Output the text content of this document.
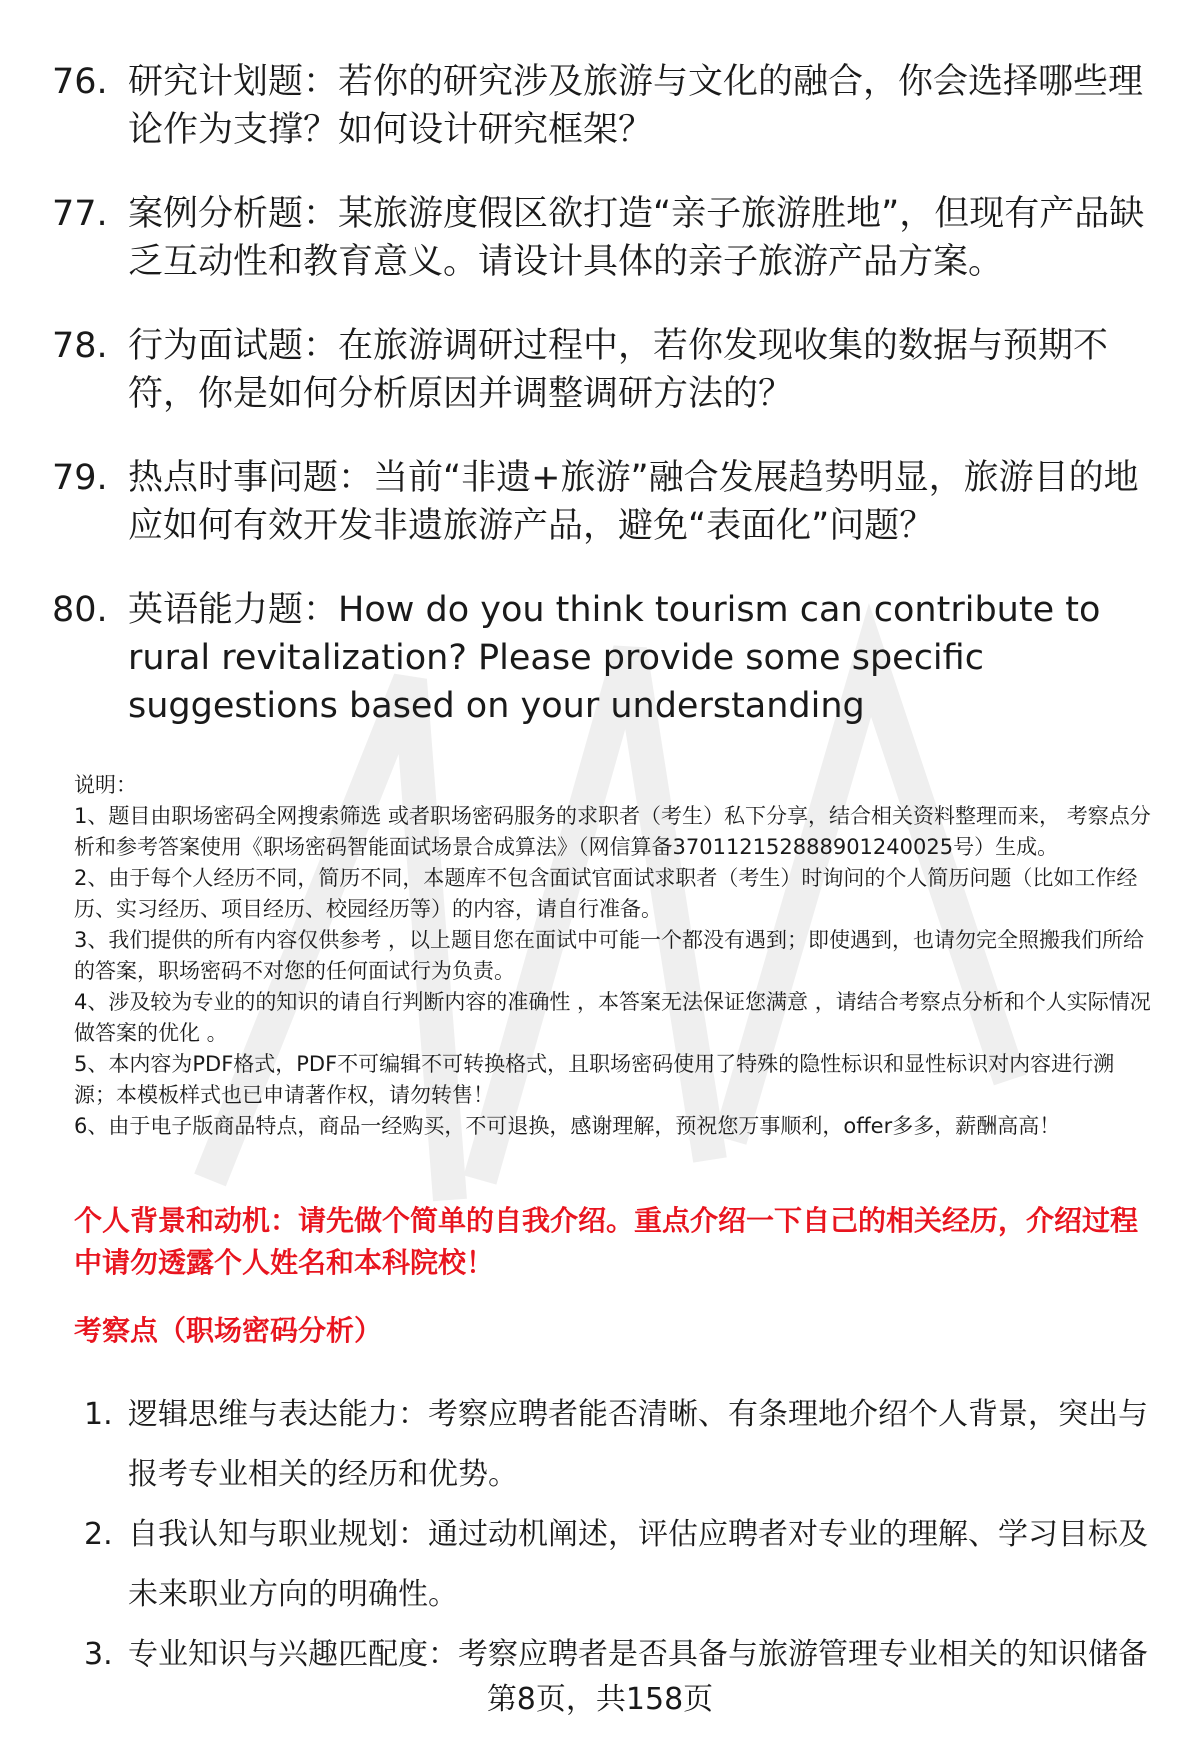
76. 研究计划题：若你的研究涉及旅游与文化的融合，你会选择哪些理论作为支撑？如何设计研究框架？
77. 案例分析题：某旅游度假区欲打造“亲子旅游胜地”，但现有产品缺乏互动性和教育意义。请设计具体的亲子旅游产品方案。
78. 行为面试题：在旅游调研过程中，若你发现收集的数据与预期不符，你是如何分析原因并调整调研方法的？
79. 热点时事问题：当前“非遗+旅游”融合发展趋势明显，旅游目的地应如何有效开发非遗旅游产品，避免“表面化”问题？
80. 英语能力题：How do you think tourism can contribute to rural revitalization? Please provide some specific suggestions based on your understanding

说明：

1、题目由职场密码全网搜索筛选 或者职场密码服务的求职者（考生）私下分享，结合相关资料整理而来， 考察点分析和参考答案使用《职场密码智能面试场景合成算法》（网信算备370112152888901240025号）生成。

2、由于每个人经历不同，简历不同，本题库不包含面试官面试求职者（考生）时询问的个人简历问题（比如工作经历、实习经历、项目经历、校园经历等）的内容，请自行准备。

3、我们提供的所有内容仅供参考 ，以上题目您在面试中可能一个都没有遇到；即使遇到，也请勿完全照搬我们所给的答案，职场密码不对您的任何面试行为负责。

4、涉及较为专业的的知识的请自行判断内容的准确性 ，本答案无法保证您满意 ，请结合考察点分析和个人实际情况做答案的优化 。

5、本内容为PDF格式，PDF不可编辑不可转换格式，且职场密码使用了特殊的隐性标识和显性标识对内容进行溯源；本模板样式也已申请著作权，请勿转售！

6、由于电子版商品特点，商品一经购买，不可退换，感谢理解，预祝您万事顺利，offer多多，薪酬高高！

个人背景和动机：请先做个简单的自我介绍。重点介绍一下自己的相关经历，介绍过程中请勿透露个人姓名和本科院校！
考察点（职场密码分析）
1. 逻辑思维与表达能力：考察应聘者能否清晰、有条理地介绍个人背景，突出与报考专业相关的经历和优势。
2. 自我认知与职业规划：通过动机阐述，评估应聘者对专业的理解、学习目标及未来职业方向的明确性。
3. 专业知识与兴趣匹配度：考察应聘者是否具备与旅游管理专业相关的知识储备
第8页，共158页
